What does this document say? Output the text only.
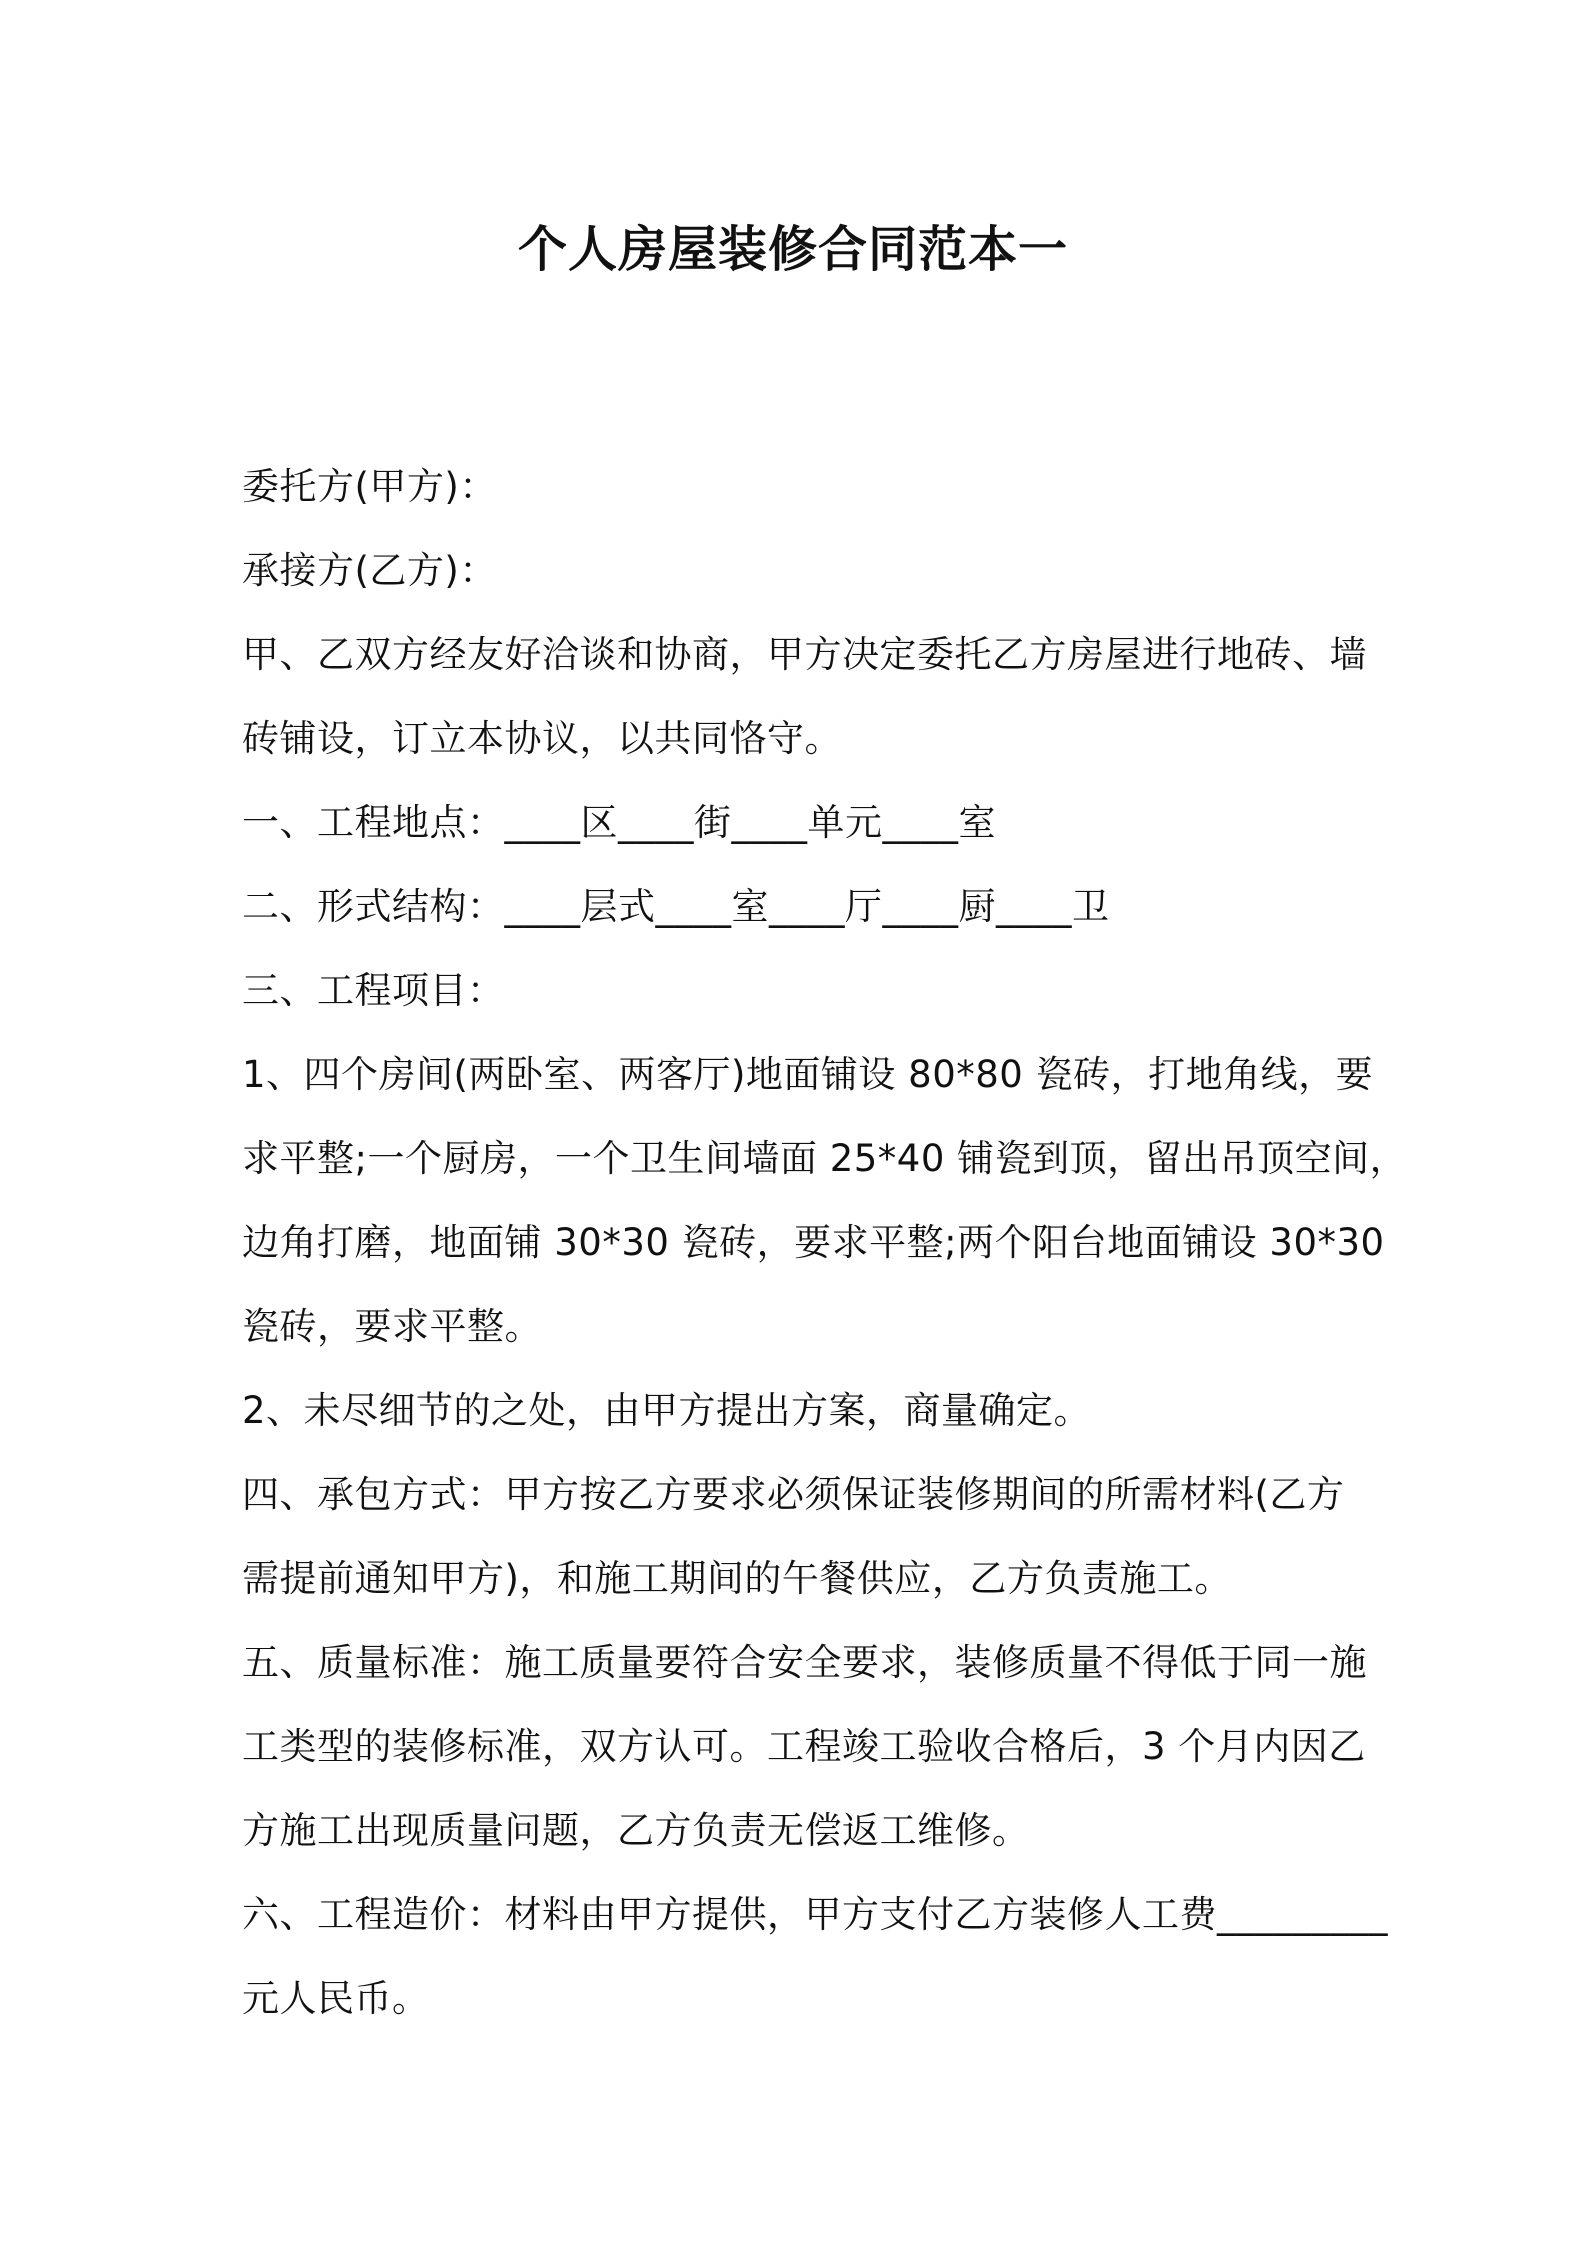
个人房屋装修合同范本一

委托方(甲方)：

承接方(乙方)：

甲、乙双方经友好洽谈和协商，甲方决定委托乙方房屋进行地砖、墙

砖铺设，订立本协议，以共同恪守。

一、工程地点：____区____街____单元____室

二、形式结构：____层式____室____厅____厨____卫

三、工程项目：

1、四个房间(两卧室、两客厅)地面铺设 80*80 瓷砖，打地角线，要

求平整;一个厨房，一个卫生间墙面 25*40 铺瓷到顶，留出吊顶空间，

边角打磨，地面铺 30*30 瓷砖，要求平整;两个阳台地面铺设 30*30

瓷砖，要求平整。

2、未尽细节的之处，由甲方提出方案，商量确定。

四、承包方式：甲方按乙方要求必须保证装修期间的所需材料(乙方

需提前通知甲方)，和施工期间的午餐供应，乙方负责施工。

五、质量标准：施工质量要符合安全要求，装修质量不得低于同一施

工类型的装修标准，双方认可。工程竣工验收合格后，3 个月内因乙

方施工出现质量问题，乙方负责无偿返工维修。

六、工程造价：材料由甲方提供，甲方支付乙方装修人工费_________

元人民币。
